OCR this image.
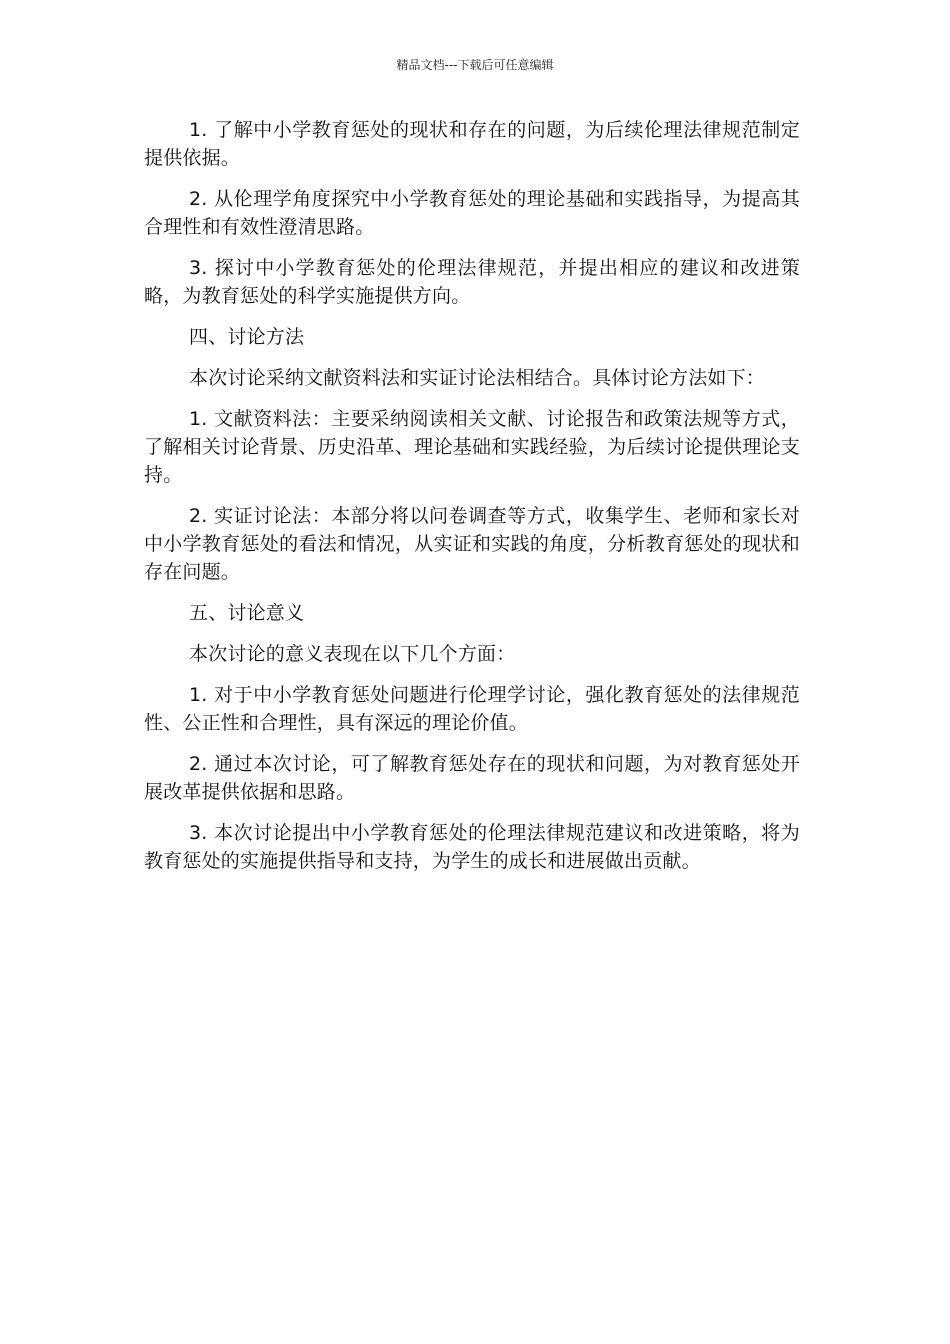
精品文档---下载后可任意编辑

1. 了解中小学教育惩处的现状和存在的问题，为后续伦理法律规范制定提供依据。

2. 从伦理学角度探究中小学教育惩处的理论基础和实践指导，为提高其合理性和有效性澄清思路。

3. 探讨中小学教育惩处的伦理法律规范，并提出相应的建议和改进策略，为教育惩处的科学实施提供方向。

四、讨论方法

本次讨论采纳文献资料法和实证讨论法相结合。具体讨论方法如下：

1. 文献资料法：主要采纳阅读相关文献、讨论报告和政策法规等方式，了解相关讨论背景、历史沿革、理论基础和实践经验，为后续讨论提供理论支持。

2. 实证讨论法：本部分将以问卷调查等方式，收集学生、老师和家长对中小学教育惩处的看法和情况，从实证和实践的角度，分析教育惩处的现状和存在问题。

五、讨论意义

本次讨论的意义表现在以下几个方面：

1. 对于中小学教育惩处问题进行伦理学讨论，强化教育惩处的法律规范性、公正性和合理性，具有深远的理论价值。

2. 通过本次讨论，可了解教育惩处存在的现状和问题，为对教育惩处开展改革提供依据和思路。

3. 本次讨论提出中小学教育惩处的伦理法律规范建议和改进策略，将为教育惩处的实施提供指导和支持，为学生的成长和进展做出贡献。
